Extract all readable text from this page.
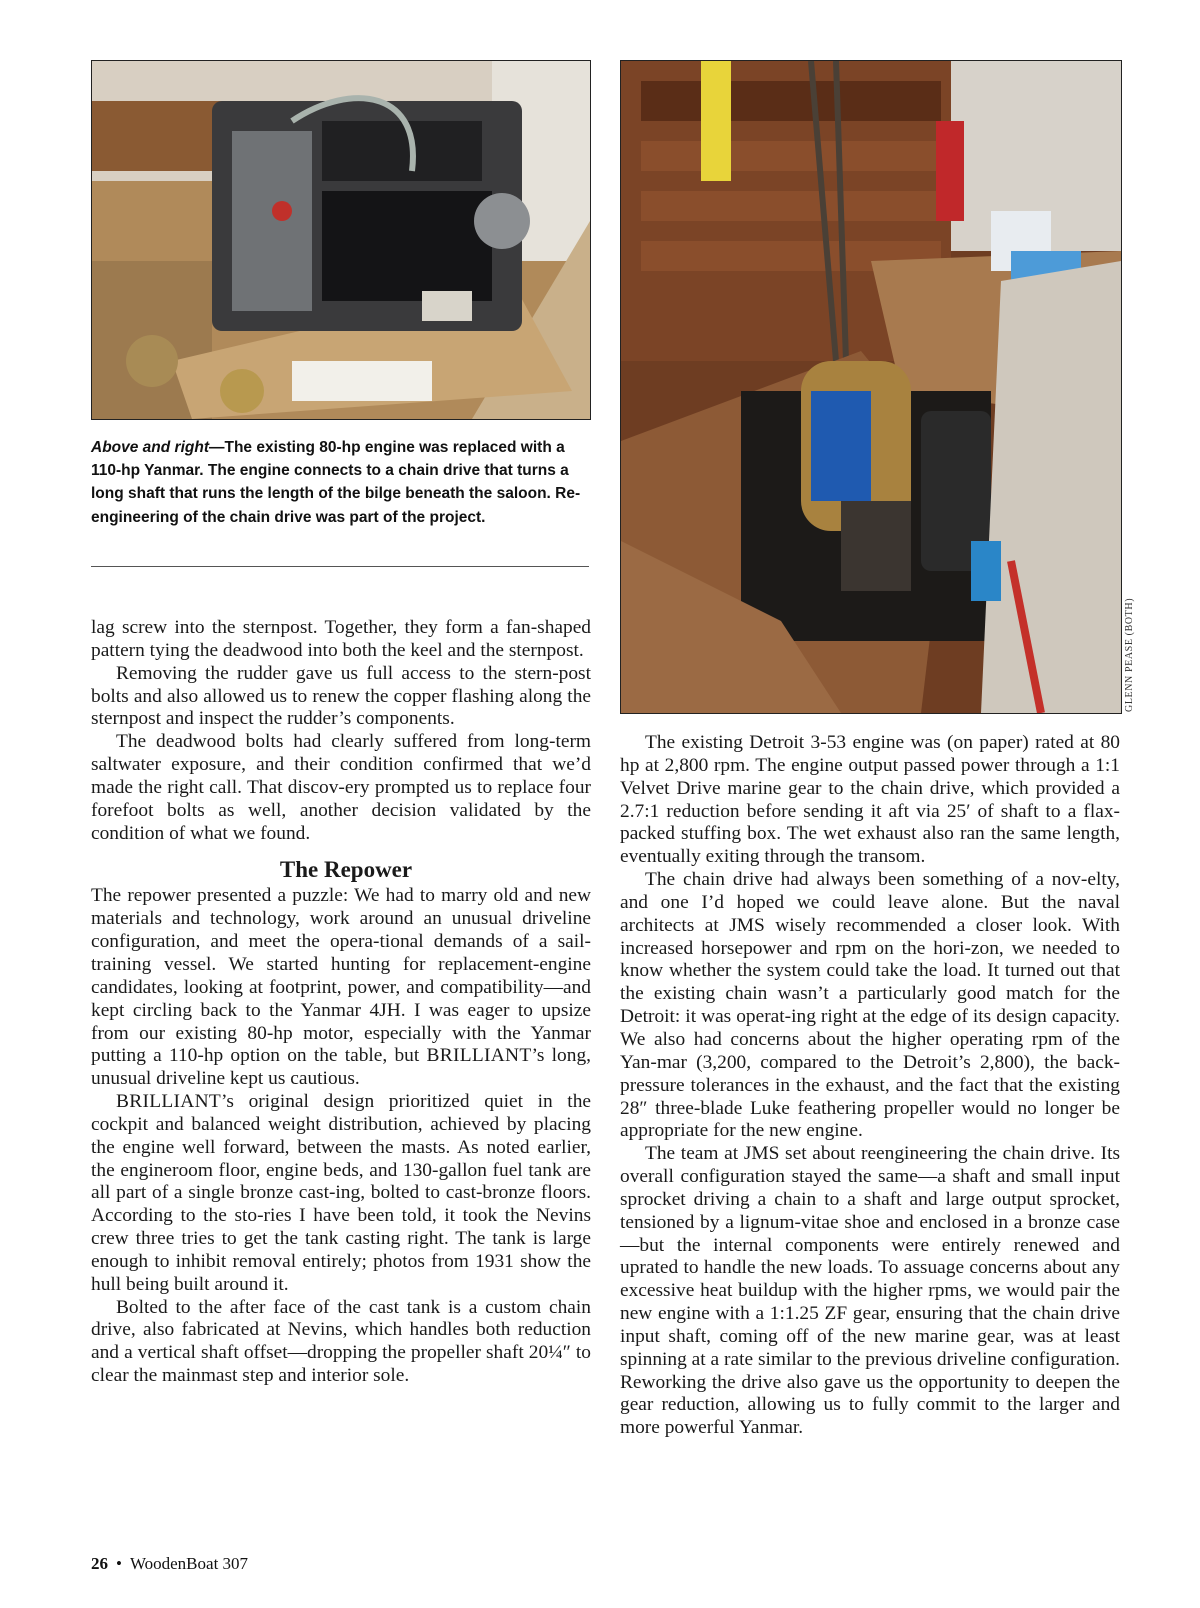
Above and right—The existing 80-hp engine was replaced with a 110-hp Yanmar. The engine connects to a chain drive that turns a long shaft that runs the length of the bilge beneath the saloon. Re-engineering of the chain drive was part of the project.
GLENN PEASE (BOTH)

lag screw into the sternpost. Together, they form a fan-shaped pattern tying the deadwood into both the keel and the sternpost.

Removing the rudder gave us full access to the stern-post bolts and also allowed us to renew the copper flashing along the sternpost and inspect the rudder’s components.

The deadwood bolts had clearly suffered from long-term saltwater exposure, and their condition confirmed that we’d made the right call. That discov-ery prompted us to replace four forefoot bolts as well, another decision validated by the condition of what we found.

The Repower

The repower presented a puzzle: We had to marry old and new materials and technology, work around an unusual driveline configuration, and meet the opera-tional demands of a sail-training vessel. We started hunting for replacement-engine candidates, looking at footprint, power, and compatibility—and kept circling back to the Yanmar 4JH. I was eager to upsize from our existing 80-hp motor, especially with the Yanmar putting a 110-hp option on the table, but BRILLIANT’s long, unusual driveline kept us cautious.

BRILLIANT’s original design prioritized quiet in the cockpit and balanced weight distribution, achieved by placing the engine well forward, between the masts. As noted earlier, the engineroom floor, engine beds, and 130-gallon fuel tank are all part of a single bronze cast-ing, bolted to cast-bronze floors. According to the sto-ries I have been told, it took the Nevins crew three tries to get the tank casting right. The tank is large enough to inhibit removal entirely; photos from 1931 show the hull being built around it.

Bolted to the after face of the cast tank is a custom chain drive, also fabricated at Nevins, which handles both reduction and a vertical shaft offset—dropping the propeller shaft 20¼″ to clear the mainmast step and interior sole.

The existing Detroit 3-53 engine was (on paper) rated at 80 hp at 2,800 rpm. The engine output passed power through a 1:1 Velvet Drive marine gear to the chain drive, which provided a 2.7:1 reduction before sending it aft via 25′ of shaft to a flax-packed stuffing box. The wet exhaust also ran the same length, eventually exiting through the transom.

The chain drive had always been something of a nov-elty, and one I’d hoped we could leave alone. But the naval architects at JMS wisely recommended a closer look. With increased horsepower and rpm on the hori-zon, we needed to know whether the system could take the load. It turned out that the existing chain wasn’t a particularly good match for the Detroit: it was operat-ing right at the edge of its design capacity. We also had concerns about the higher operating rpm of the Yan-mar (3,200, compared to the Detroit’s 2,800), the back-pressure tolerances in the exhaust, and the fact that the existing 28″ three-blade Luke feathering propeller would no longer be appropriate for the new engine.

The team at JMS set about reengineering the chain drive. Its overall configuration stayed the same—a shaft and small input sprocket driving a chain to a shaft and large output sprocket, tensioned by a lignum-vitae shoe and enclosed in a bronze case—but the internal components were entirely renewed and uprated to handle the new loads. To assuage concerns about any excessive heat buildup with the higher rpms, we would pair the new engine with a 1:1.25 ZF gear, ensuring that the chain drive input shaft, coming off of the new marine gear, was at least spinning at a rate similar to the previous driveline configuration. Reworking the drive also gave us the opportunity to deepen the gear reduction, allowing us to fully commit to the larger and more powerful Yanmar.

26 • WoodenBoat 307
